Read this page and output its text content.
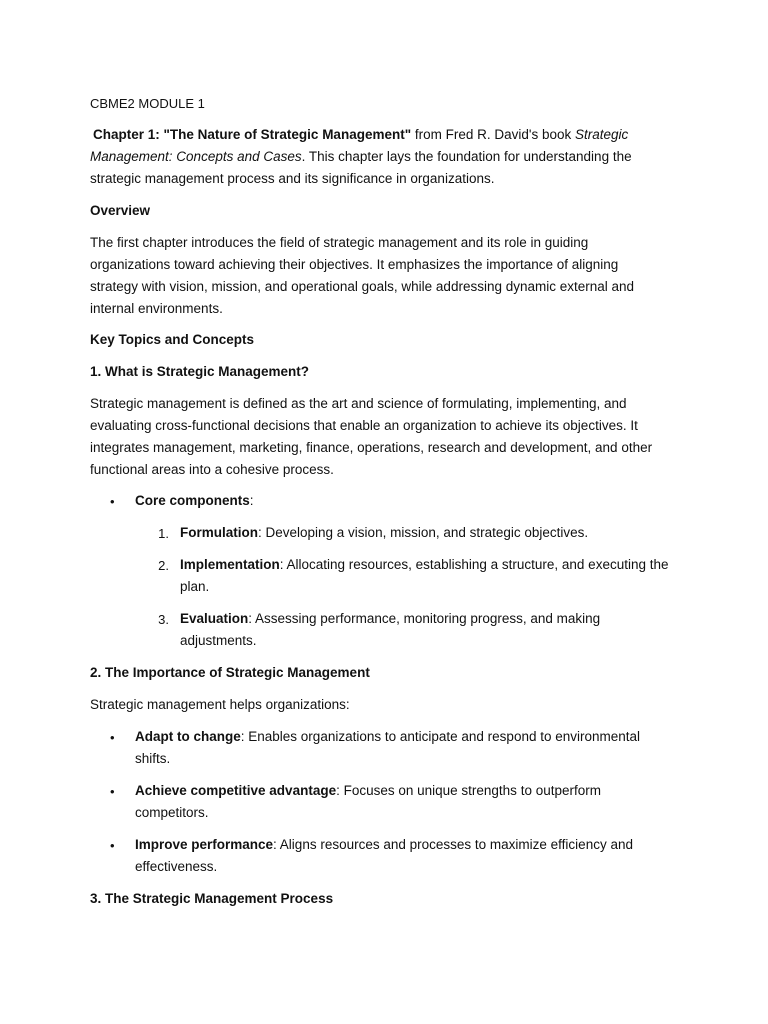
CBME2 MODULE 1
Chapter 1: "The Nature of Strategic Management" from Fred R. David's book Strategic
Management: Concepts and Cases. This chapter lays the foundation for understanding the
strategic management process and its significance in organizations.
Overview
The first chapter introduces the field of strategic management and its role in guiding
organizations toward achieving their objectives. It emphasizes the importance of aligning
strategy with vision, mission, and operational goals, while addressing dynamic external and
internal environments.
Key Topics and Concepts
1. What is Strategic Management?
Strategic management is defined as the art and science of formulating, implementing, and
evaluating cross-functional decisions that enable an organization to achieve its objectives. It
integrates management, marketing, finance, operations, research and development, and other
functional areas into a cohesive process.
• Core components:
1. Formulation: Developing a vision, mission, and strategic objectives.
2. Implementation: Allocating resources, establishing a structure, and executing the
plan.
3. Evaluation: Assessing performance, monitoring progress, and making
adjustments.
2. The Importance of Strategic Management
Strategic management helps organizations:
• Adapt to change: Enables organizations to anticipate and respond to environmental
shifts.
• Achieve competitive advantage: Focuses on unique strengths to outperform
competitors.
• Improve performance: Aligns resources and processes to maximize efficiency and
effectiveness.
3. The Strategic Management Process
